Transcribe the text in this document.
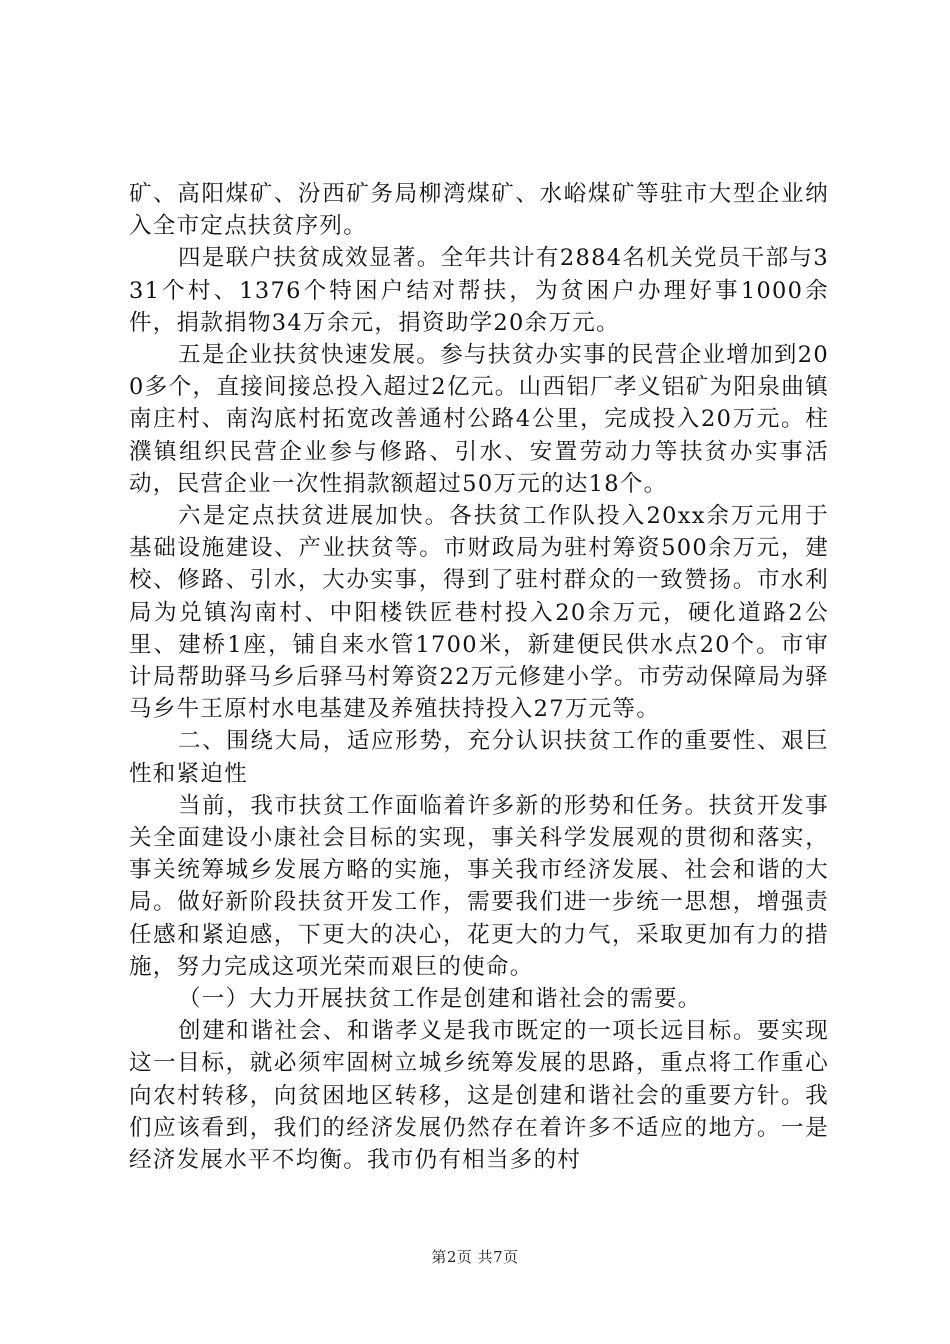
矿、高阳煤矿、汾西矿务局柳湾煤矿、水峪煤矿等驻市大型企业纳入全市定点扶贫序列。

四是联户扶贫成效显著。全年共计有2884名机关党员干部与331个村、1376个特困户结对帮扶，为贫困户办理好事1000余件，捐款捐物34万余元，捐资助学20余万元。

五是企业扶贫快速发展。参与扶贫办实事的民营企业增加到200多个，直接间接总投入超过2亿元。山西铝厂孝义铝矿为阳泉曲镇南庄村、南沟底村拓宽改善通村公路4公里，完成投入20万元。柱濮镇组织民营企业参与修路、引水、安置劳动力等扶贫办实事活动，民营企业一次性捐款额超过50万元的达18个。

六是定点扶贫进展加快。各扶贫工作队投入20xx余万元用于基础设施建设、产业扶贫等。市财政局为驻村筹资500余万元，建校、修路、引水，大办实事，得到了驻村群众的一致赞扬。市水利局为兑镇沟南村、中阳楼铁匠巷村投入20余万元，硬化道路2公里、建桥1座，铺自来水管1700米，新建便民供水点20个。市审计局帮助驿马乡后驿马村筹资22万元修建小学。市劳动保障局为驿马乡牛王原村水电基建及养殖扶持投入27万元等。

二、围绕大局，适应形势，充分认识扶贫工作的重要性、艰巨性和紧迫性

当前，我市扶贫工作面临着许多新的形势和任务。扶贫开发事关全面建设小康社会目标的实现，事关科学发展观的贯彻和落实，事关统筹城乡发展方略的实施，事关我市经济发展、社会和谐的大局。做好新阶段扶贫开发工作，需要我们进一步统一思想，增强责任感和紧迫感，下更大的决心，花更大的力气，采取更加有力的措施，努力完成这项光荣而艰巨的使命。

（一）大力开展扶贫工作是创建和谐社会的需要。

创建和谐社会、和谐孝义是我市既定的一项长远目标。要实现这一目标，就必须牢固树立城乡统筹发展的思路，重点将工作重心向农村转移，向贫困地区转移，这是创建和谐社会的重要方针。我们应该看到，我们的经济发展仍然存在着许多不适应的地方。一是经济发展水平不均衡。我市仍有相当多的村

第2页 共7页
